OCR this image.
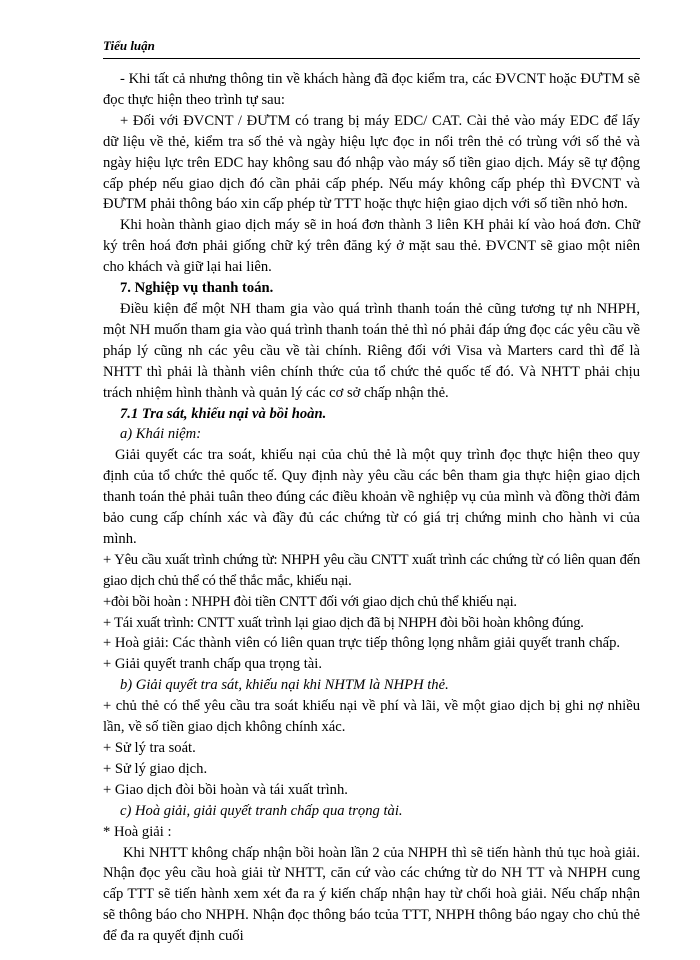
Tiểu luận

- Khi tất cả nhưng thông tin về khách hàng đã đọc kiểm tra, các ĐVCNT hoặc ĐƯTM sẽ đọc thực hiện theo trình tự sau:

+ Đối với ĐVCNT / ĐƯTM có trang bị máy EDC/ CAT. Cài thẻ vào máy EDC để lấy dữ liệu về thẻ, kiểm tra số thẻ và ngày hiệu lực đọc in nổi trên thẻ có trùng với số thẻ và ngày hiệu lực trên EDC hay không sau đó nhập vào máy số tiền giao dịch. Máy sẽ tự động cấp phép nếu giao dịch đó cần phải cấp phép. Nếu máy không cấp phép thì ĐVCNT và ĐƯTM phải thông báo xin cấp phép từ TTT hoặc thực hiện giao dịch với số tiền nhỏ hơn.

Khi hoàn thành giao dịch máy sẽ in hoá đơn thành 3 liên KH phải kí vào hoá đơn. Chữ ký trên hoá đơn phải giống chữ ký trên đăng ký ở mặt sau thẻ. ĐVCNT sẽ giao một niên cho khách và giữ lại hai liên.

7. Nghiệp vụ thanh toán.

Điều kiện để một NH tham gia vào quá trình thanh toán thẻ cũng tương tự nh NHPH, một NH muốn tham gia vào quá trình thanh toán thẻ thì nó phải đáp ứng đọc các yêu cầu về pháp lý cũng nh các yêu cầu về tài chính. Riêng đối với Visa và Marters card thì để là NHTT thì phải là thành viên chính thức của tổ chức thẻ quốc tế đó. Và NHTT phải chịu trách nhiệm hình thành và quản lý các cơ sở chấp nhận thẻ.

7.1 Tra sát, khiếu nại và bồi hoàn.

a) Khái niệm:

Giải quyết các tra soát, khiếu nại của chủ thẻ là một quy trình đọc thực hiện theo quy định của tổ chức thẻ quốc tế. Quy định này yêu cầu các bên tham gia thực hiện giao dịch thanh toán thẻ phải tuân theo đúng các điều khoản về nghiệp vụ của mình và đồng thời đảm bảo cung cấp chính xác và đầy đủ các chứng từ có giá trị chứng minh cho hành vi của mình.

+ Yêu cầu xuất trình chứng từ: NHPH yêu cầu CNTT xuất trình các chứng từ có liên quan đến giao dịch chủ thể có thể thắc mắc, khiếu nại.

+đòi bồi hoàn : NHPH đòi tiền CNTT đối với giao dịch chủ thể khiếu nại.

+ Tái xuất trình: CNTT xuất trình lại giao dịch đã bị NHPH đòi bồi hoàn không đúng.

+ Hoà giải: Các thành viên có liên quan trực tiếp thông lọng nhằm giải quyết tranh chấp.

+ Giải quyết tranh chấp qua trọng tài.

b) Giải quyết tra sát, khiếu nại khi NHTM là NHPH thẻ.

+ chủ thẻ có thể yêu cầu tra soát khiếu nại về phí và lãi, về một giao dịch bị ghi nợ nhiều lần, về số tiền giao dịch không chính xác.

+ Sử lý tra soát.

+ Sử lý giao dịch.

+ Giao dịch đòi bồi hoàn và tái xuất trình.

c) Hoà giải, giải quyết tranh chấp qua trọng tài.

* Hoà giải :

Khi NHTT không chấp nhận bồi hoàn lần 2 của NHPH thì sẽ tiến hành thủ tục hoà giải. Nhận đọc yêu cầu hoà giải từ NHTT, căn cứ vào các chứng từ do NH TT và NHPH cung cấp TTT sẽ tiến hành xem xét đa ra ý kiến chấp nhận hay từ chối hoà giải. Nếu chấp nhận sẽ thông báo cho NHPH. Nhận đọc thông báo tcủa TTT, NHPH thông báo ngay cho chủ thẻ để đa ra quyết định cuối
